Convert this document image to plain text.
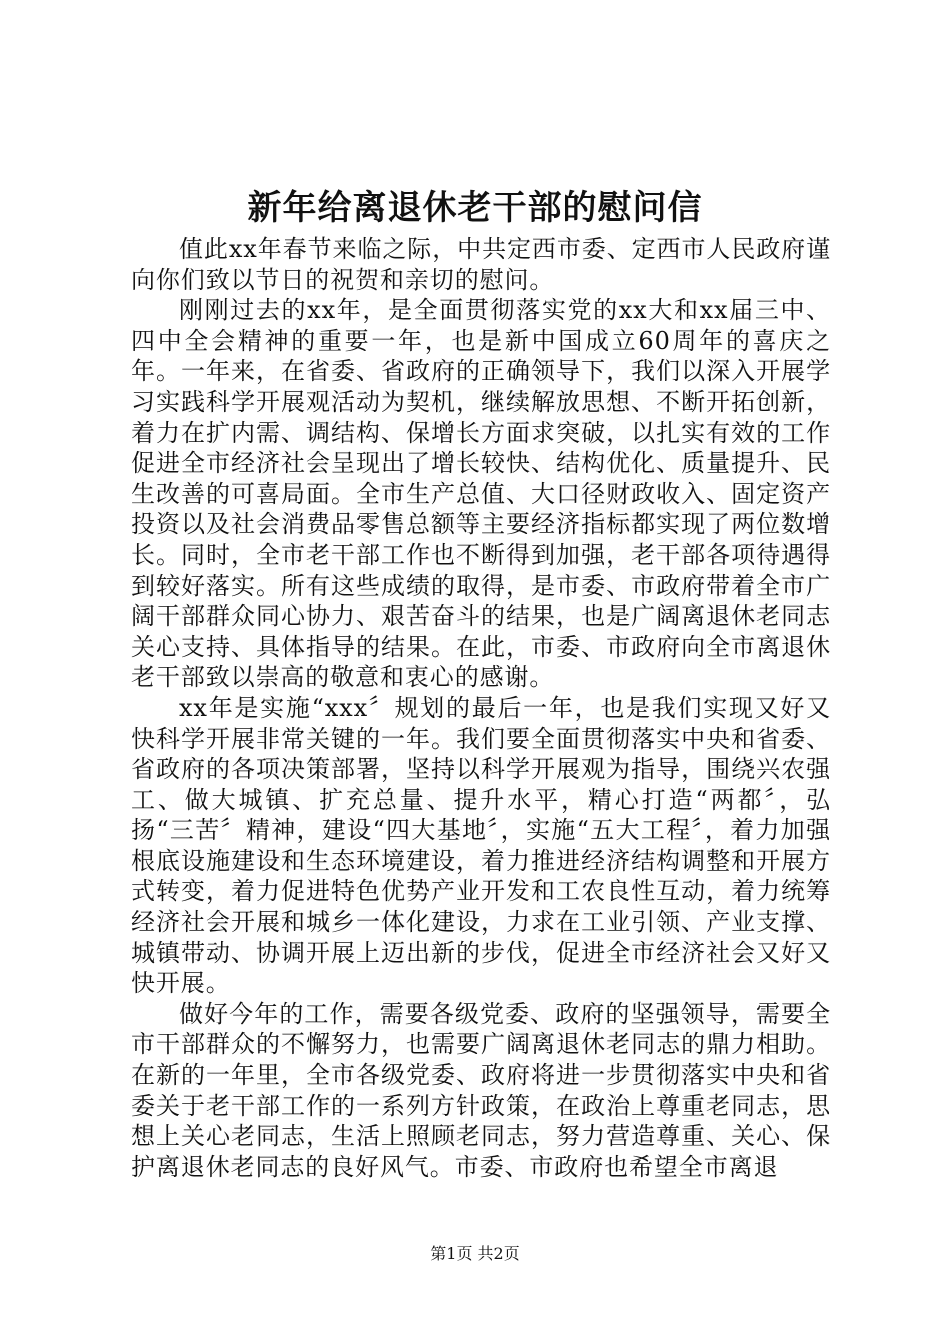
新年给离退休老干部的慰问信

值此xx年春节来临之际，中共定西市委、定西市人民政府谨向你们致以节日的祝贺和亲切的慰问。

刚刚过去的xx年，是全面贯彻落实党的xx大和xx届三中、四中全会精神的重要一年，也是新中国成立60周年的喜庆之年。一年来，在省委、省政府的正确领导下，我们以深入开展学习实践科学开展观活动为契机，继续解放思想、不断开拓创新，着力在扩内需、调结构、保增长方面求突破，以扎实有效的工作促进全市经济社会呈现出了增长较快、结构优化、质量提升、民生改善的可喜局面。全市生产总值、大口径财政收入、固定资产投资以及社会消费品零售总额等主要经济指标都实现了两位数增长。同时，全市老干部工作也不断得到加强，老干部各项待遇得到较好落实。所有这些成绩的取得，是市委、市政府带着全市广阔干部群众同心协力、艰苦奋斗的结果，也是广阔离退休老同志关心支持、具体指导的结果。在此，市委、市政府向全市离退休老干部致以崇高的敬意和衷心的感谢。

xx年是实施“xxx〞规划的最后一年，也是我们实现又好又快科学开展非常关键的一年。我们要全面贯彻落实中央和省委、省政府的各项决策部署，坚持以科学开展观为指导，围绕兴农强工、做大城镇、扩充总量、提升水平，精心打造“两都〞，弘扬“三苦〞精神，建设“四大基地〞，实施“五大工程〞，着力加强根底设施建设和生态环境建设，着力推进经济结构调整和开展方式转变，着力促进特色优势产业开发和工农良性互动，着力统筹经济社会开展和城乡一体化建设，力求在工业引领、产业支撑、城镇带动、协调开展上迈出新的步伐，促进全市经济社会又好又快开展。

做好今年的工作，需要各级党委、政府的坚强领导，需要全市干部群众的不懈努力，也需要广阔离退休老同志的鼎力相助。在新的一年里，全市各级党委、政府将进一步贯彻落实中央和省委关于老干部工作的一系列方针政策，在政治上尊重老同志，思想上关心老同志，生活上照顾老同志，努力营造尊重、关心、保护离退休老同志的良好风气。市委、市政府也希望全市离退

第1页 共2页
